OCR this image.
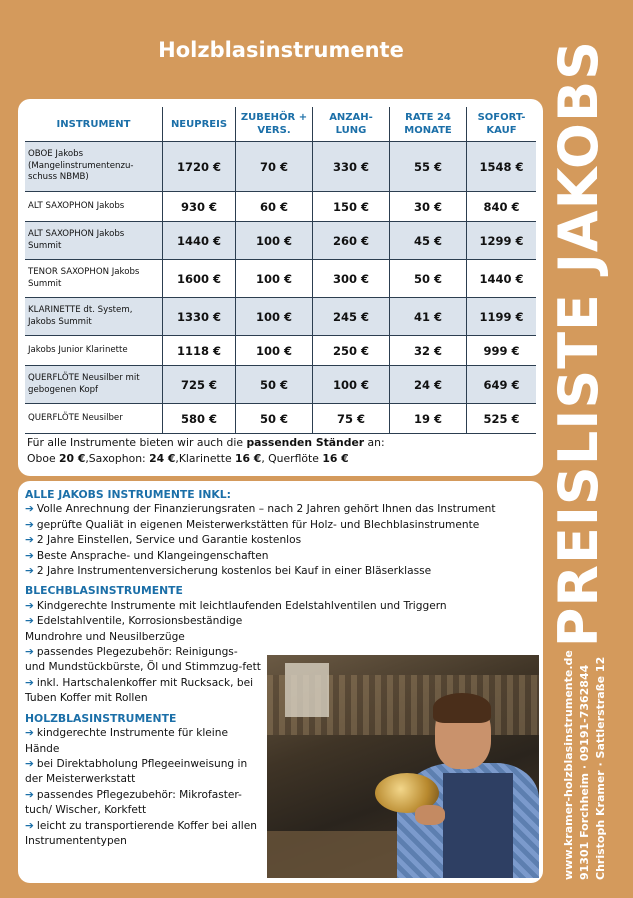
Holzblasinstrumente	PREISLISTE JAKOBS
Christoph Kramer · Sattlerstraße 12
91301 Forchheim · 09191-7362844
www.kramer-holzblasinstrumente.de
INSTRUMENT	NEUPREIS	ZUBEHÖR + VERS.	ANZAH-LUNG	RATE 24 MONATE	SOFORT-KAUF
OBOE Jakobs (Mangelinstrumentenzu-schuss NBMB)	1720 €	70 €	330 €	55 €	1548 €
ALT SAXOPHON Jakobs	930 €	60 €	150 €	30 €	840 €
ALT SAXOPHON Jakobs Summit	1440 €	100 €	260 €	45 €	1299 €
TENOR SAXOPHON Jakobs Summit	1600 €	100 €	300 €	50 €	1440 €
KLARINETTE dt. System, Jakobs Summit	1330 €	100 €	245 €	41 €	1199 €
Jakobs Junior Klarinette	1118 €	100 €	250 €	32 €	999 €
QUERFLÖTE Neusilber mit gebogenen Kopf	725 €	50 €	100 €	24 €	649 €
QUERFLÖTE Neusilber	580 €	50 €	75 €	19 €	525 €
Für alle Instrumente bieten wir auch die passenden Ständer an:
Oboe 20 €,Saxophon: 24 €,Klarinette 16 €, Querflöte 16 €
ALLE JAKOBS INSTRUMENTE INKL:
➔ Volle Anrechnung der Finanzierungsraten – nach 2 Jahren gehört Ihnen das Instrument
➔ geprüfte Qualiät in eigenen Meisterwerkstätten für Holz- und Blechblasinstrumente
➔ 2 Jahre Einstellen, Service und Garantie kostenlos
➔ Beste Ansprache- und Klangeingenschaften
➔ 2 Jahre Instrumentenversicherung kostenlos bei Kauf in einer Bläserklasse
BLECHBLASINSTRUMENTE
➔ Kindgerechte Instrumente mit leichtlaufenden Edelstahlventilen und Triggern
➔ Edelstahlventile, Korrosionsbeständige Mundrohre und Neusilberzüge
➔ passendes Plegezubehör: Reinigungs- und Mundstückbürste, Öl und Stimmzug-fett
➔ inkl. Hartschalenkoffer mit Rucksack, bei Tuben Koffer mit Rollen
HOLZBLASINSTRUMENTE
➔ kindgerechte Instrumente für kleine Hände
➔ bei Direktabholung Pflegeeinweisung in der Meisterwerkstatt
➔ passendes Pflegezubehör: Mikrofaster-tuch/ Wischer, Korkfett
➔ leicht zu transportierende Koffer bei allen Instrumententypen
